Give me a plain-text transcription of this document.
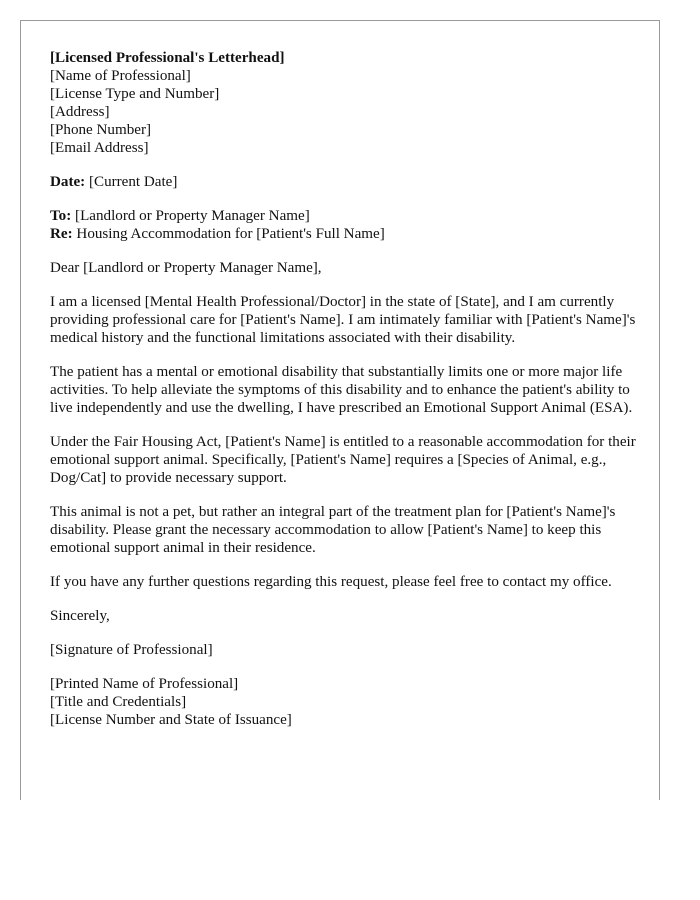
[Licensed Professional's Letterhead]
[Name of Professional]
[License Type and Number]
[Address]
[Phone Number]
[Email Address]
Date: [Current Date]
To: [Landlord or Property Manager Name]
Re: Housing Accommodation for [Patient's Full Name]

Dear [Landlord or Property Manager Name],

I am a licensed [Mental Health Professional/Doctor] in the state of [State], and I am currently providing professional care for [Patient's Name]. I am intimately familiar with [Patient's Name]'s medical history and the functional limitations associated with their disability.

The patient has a mental or emotional disability that substantially limits one or more major life activities. To help alleviate the symptoms of this disability and to enhance the patient's ability to live independently and use the dwelling, I have prescribed an Emotional Support Animal (ESA).

Under the Fair Housing Act, [Patient's Name] is entitled to a reasonable accommodation for their emotional support animal. Specifically, [Patient's Name] requires a [Species of Animal, e.g., Dog/Cat] to provide necessary support.

This animal is not a pet, but rather an integral part of the treatment plan for [Patient's Name]'s disability. Please grant the necessary accommodation to allow [Patient's Name] to keep this emotional support animal in their residence.

If you have any further questions regarding this request, please feel free to contact my office.

Sincerely,

[Signature of Professional]

[Printed Name of Professional]
[Title and Credentials]
[License Number and State of Issuance]
